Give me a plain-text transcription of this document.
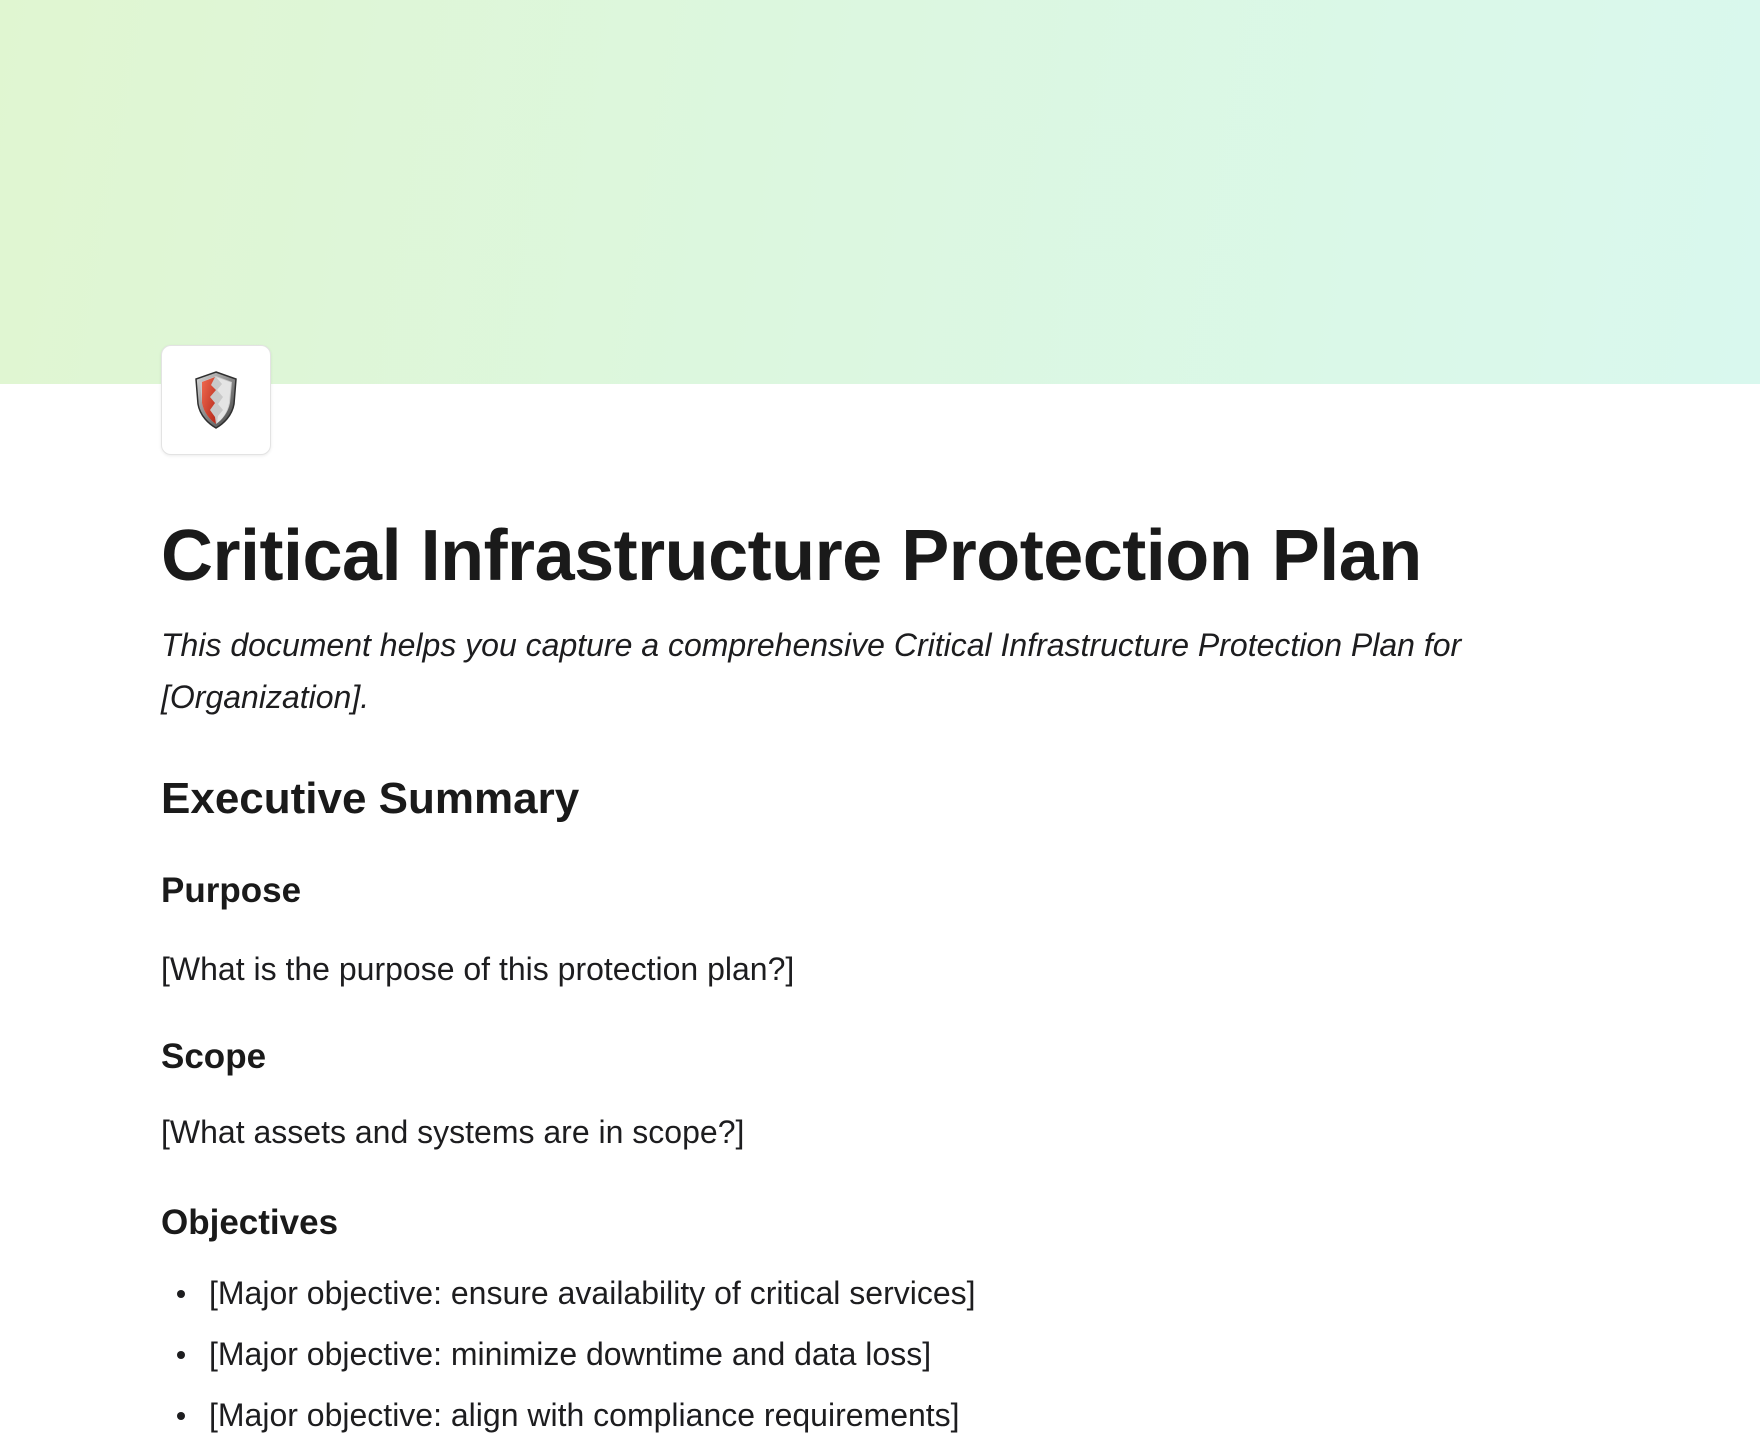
Critical Infrastructure Protection Plan

This document helps you capture a comprehensive Critical Infrastructure Protection Plan for [Organization].

Executive Summary
Purpose

[What is the purpose of this protection plan?]

Scope

[What assets and systems are in scope?]

Objectives
[Major objective: ensure availability of critical services]
[Major objective: minimize downtime and data loss]
[Major objective: align with compliance requirements]
